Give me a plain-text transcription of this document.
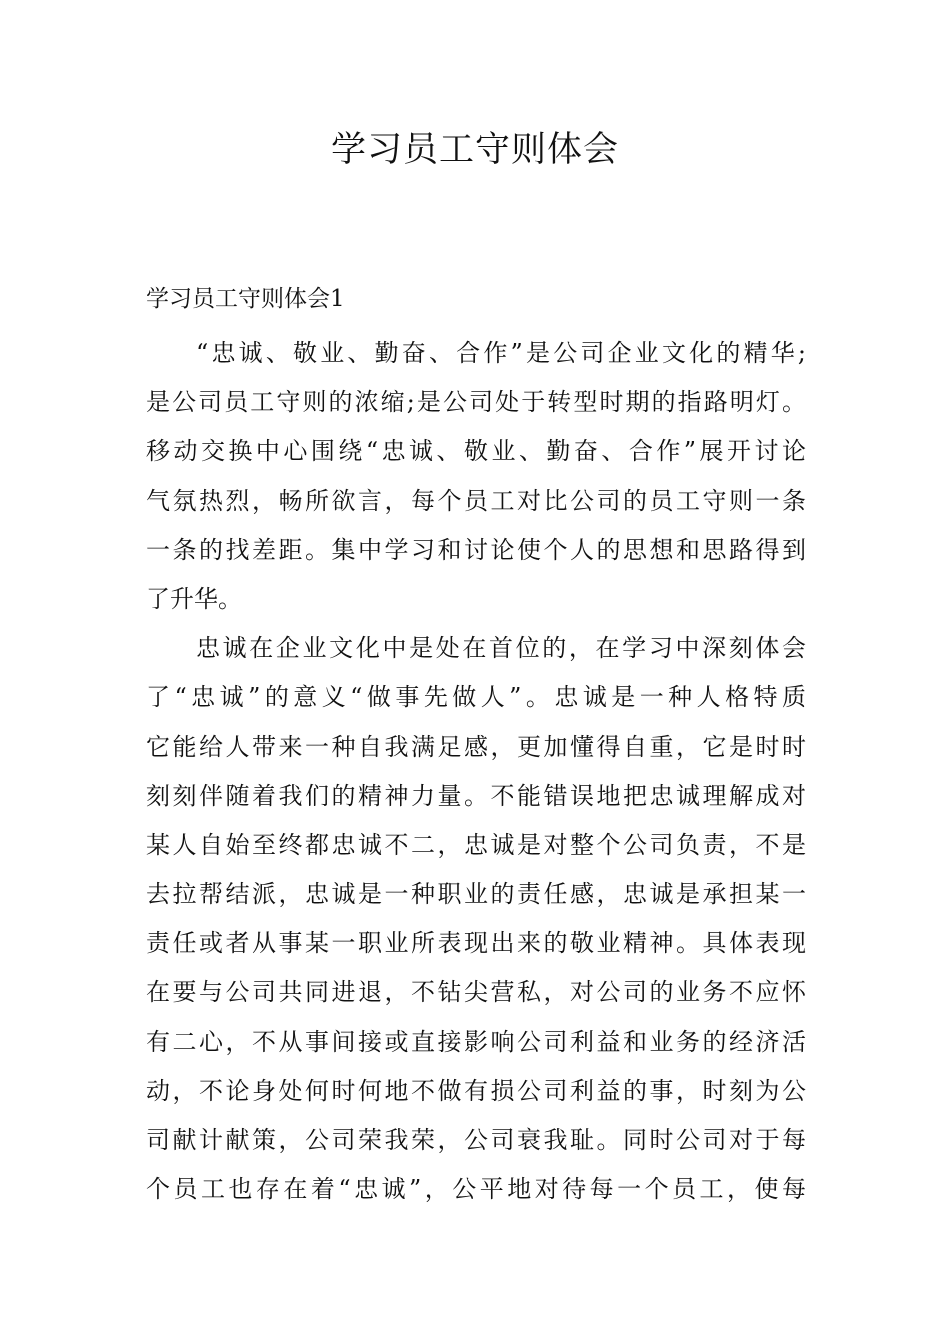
学习员工守则体会
学习员工守则体会1
“忠诚、敬业、勤奋、合作”是公司企业文化的精华;
是公司员工守则的浓缩;是公司处于转型时期的指路明灯。
移动交换中心围绕“忠诚、敬业、勤奋、合作”展开讨论
气氛热烈，畅所欲言，每个员工对比公司的员工守则一条
一条的找差距。集中学习和讨论使个人的思想和思路得到
了升华。
忠诚在企业文化中是处在首位的，在学习中深刻体会
了“忠诚”的意义“做事先做人”。忠诚是一种人格特质
它能给人带来一种自我满足感，更加懂得自重，它是时时
刻刻伴随着我们的精神力量。不能错误地把忠诚理解成对
某人自始至终都忠诚不二，忠诚是对整个公司负责，不是
去拉帮结派，忠诚是一种职业的责任感，忠诚是承担某一
责任或者从事某一职业所表现出来的敬业精神。具体表现
在要与公司共同进退，不钻尖营私，对公司的业务不应怀
有二心，不从事间接或直接影响公司利益和业务的经济活
动，不论身处何时何地不做有损公司利益的事，时刻为公
司献计献策，公司荣我荣，公司衰我耻。同时公司对于每
个员工也存在着“忠诚”，公平地对待每一个员工，使每
